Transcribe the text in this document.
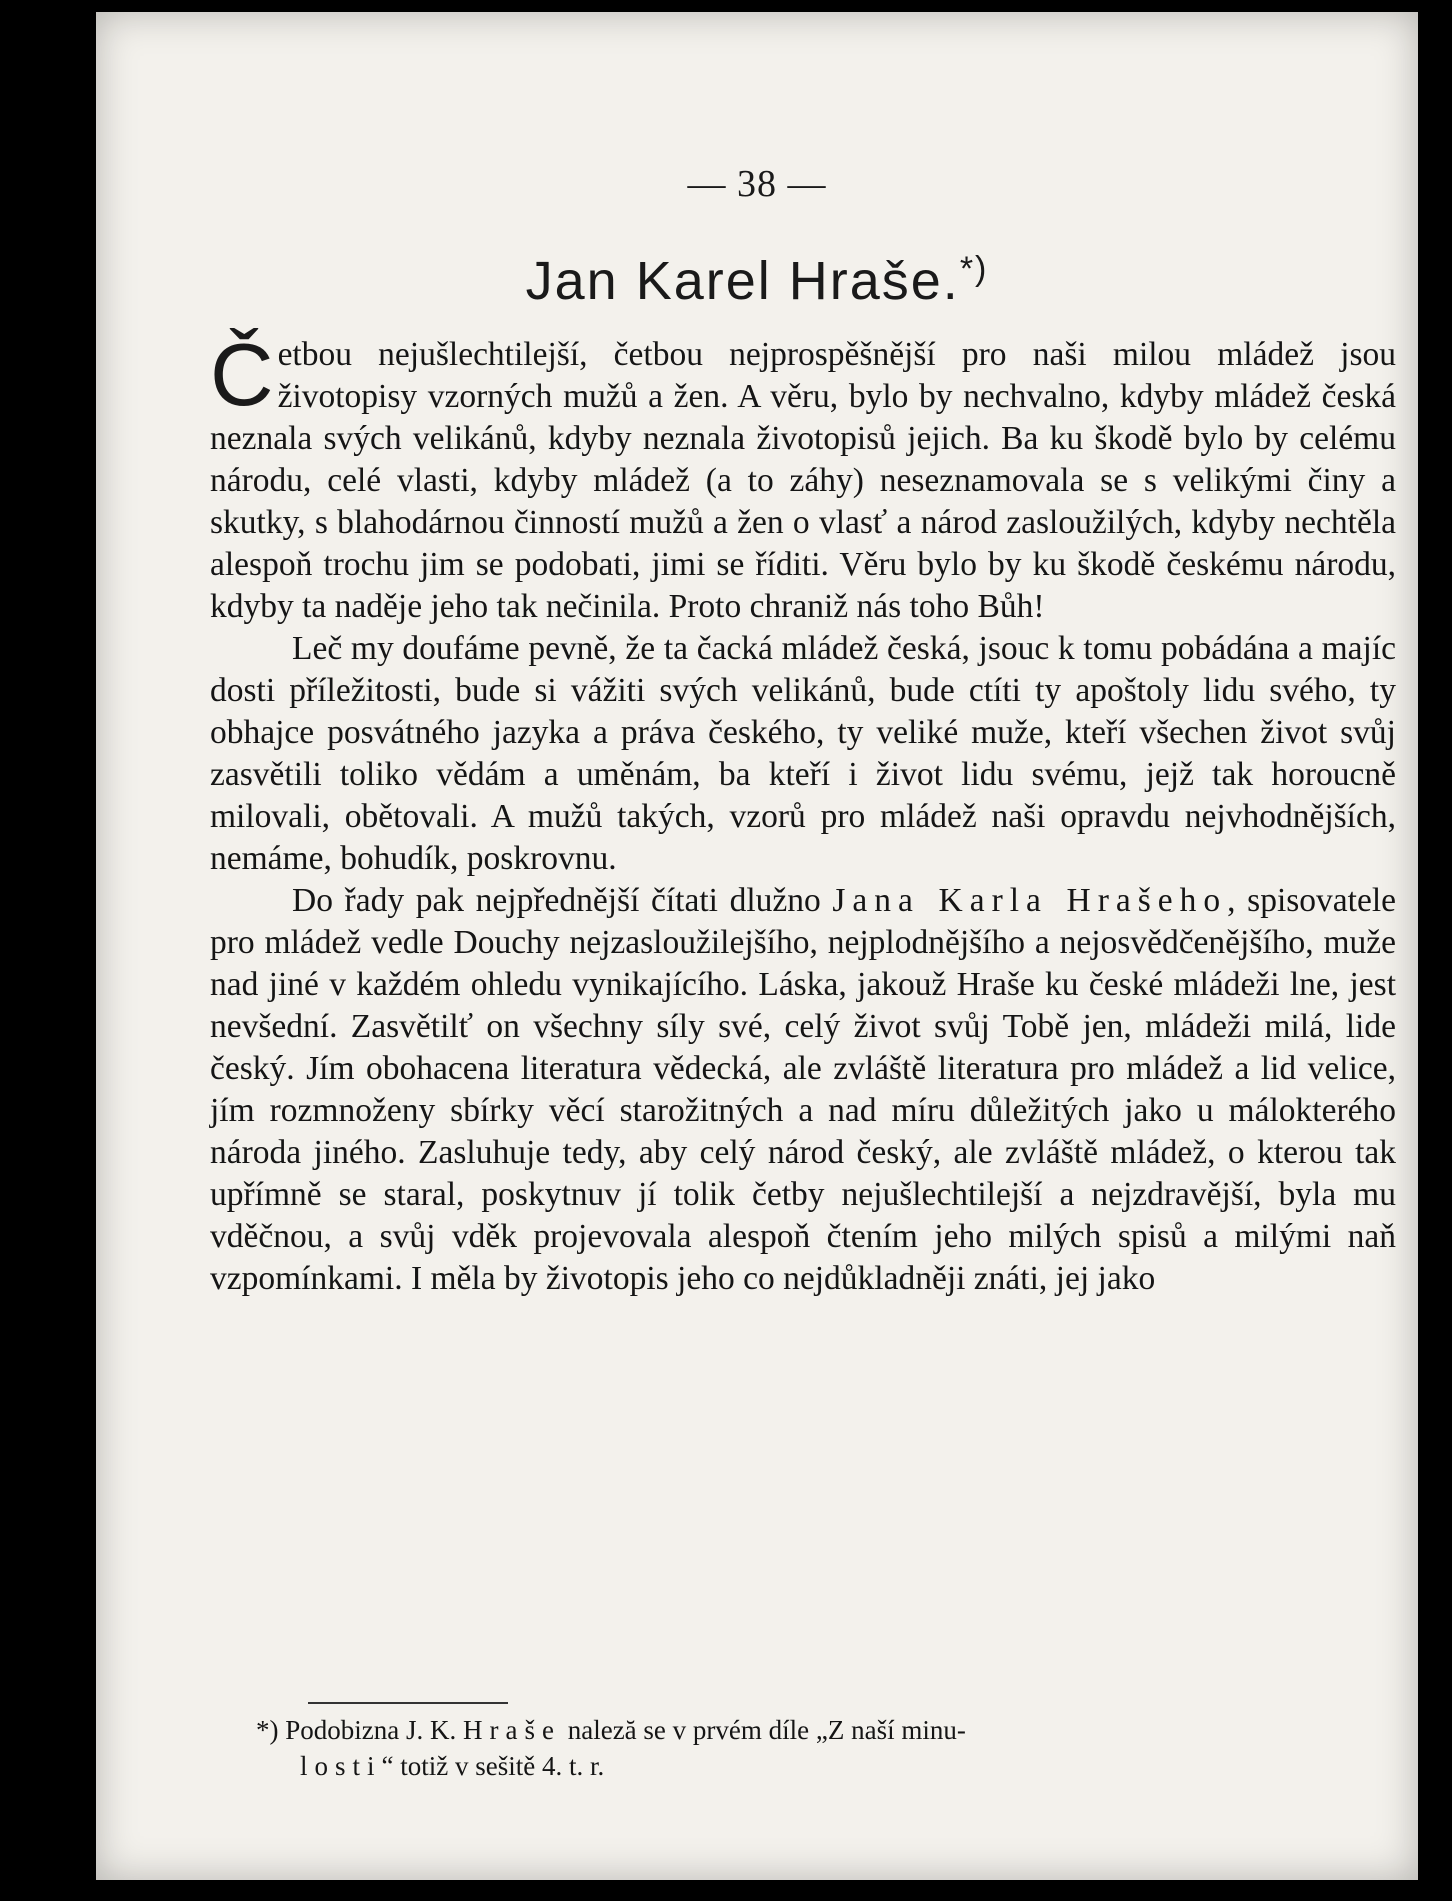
— 38 —
Jan Karel Hraše.*)

Četbou nejušlechtilejší, četbou nejprospěšnější pro naši milou mládež jsou životopisy vzorných mužů a žen. A věru, bylo by nechvalno, kdyby mládež česká neznala svých velikánů, kdyby neznala životopisů jejich. Ba ku škodě bylo by celému národu, celé vlasti, kdyby mládež (a to záhy) neseznamovala se s velikými činy a skutky, s blahodárnou činností mužů a žen o vlasť a národ zasloužilých, kdyby nechtěla alespoň trochu jim se podobati, jimi se říditi. Věru bylo by ku škodě českému národu, kdyby ta naděje jeho tak nečinila. Proto chraniž nás toho Bůh!

Leč my doufáme pevně, že ta čacká mládež česká, jsouc k tomu pobádána a majíc dosti příležitosti, bude si vážiti svých velikánů, bude ctíti ty apoštoly lidu svého, ty obhajce posvátného jazyka a práva českého, ty veliké muže, kteří všechen život svůj zasvětili toliko vědám a uměnám, ba kteří i život lidu svému, jejž tak horoucně milovali, obětovali. A mužů takých, vzorů pro mládež naši opravdu nejvhodnějších, nemáme, bohudík, poskrovnu.

Do řady pak nejpřednější čítati dlužno Jana Karla Hrašeho, spisovatele pro mládež vedle Douchy nejzasloužilejšího, nejplodnějšího a nejosvědčenějšího, muže nad jiné v každém ohledu vynikajícího. Láska, jakouž Hraše ku české mládeži lne, jest nevšední. Zasvětilť on všechny síly své, celý život svůj Tobě jen, mládeži milá, lide český. Jím obohacena literatura vědecká, ale zvláště literatura pro mládež a lid velice, jím rozmnoženy sbírky věcí starožitných a nad míru důležitých jako u málokterého národa jiného. Zasluhuje tedy, aby celý národ český, ale zvláště mládež, o kterou tak upřímně se staral, poskytnuv jí tolik četby nejušlechtilejší a nejzdravější, byla mu vděčnou, a svůj vděk projevovala alespoň čtením jeho milých spisů a milými naň vzpomínkami. I měla by životopis jeho co nejdůkladněji znáti, jej jako

*) Podobizna J. K. Hraše naleză se v prvém díle „Z naší minu-
losti“ totiž v sešitě 4. t. r.
